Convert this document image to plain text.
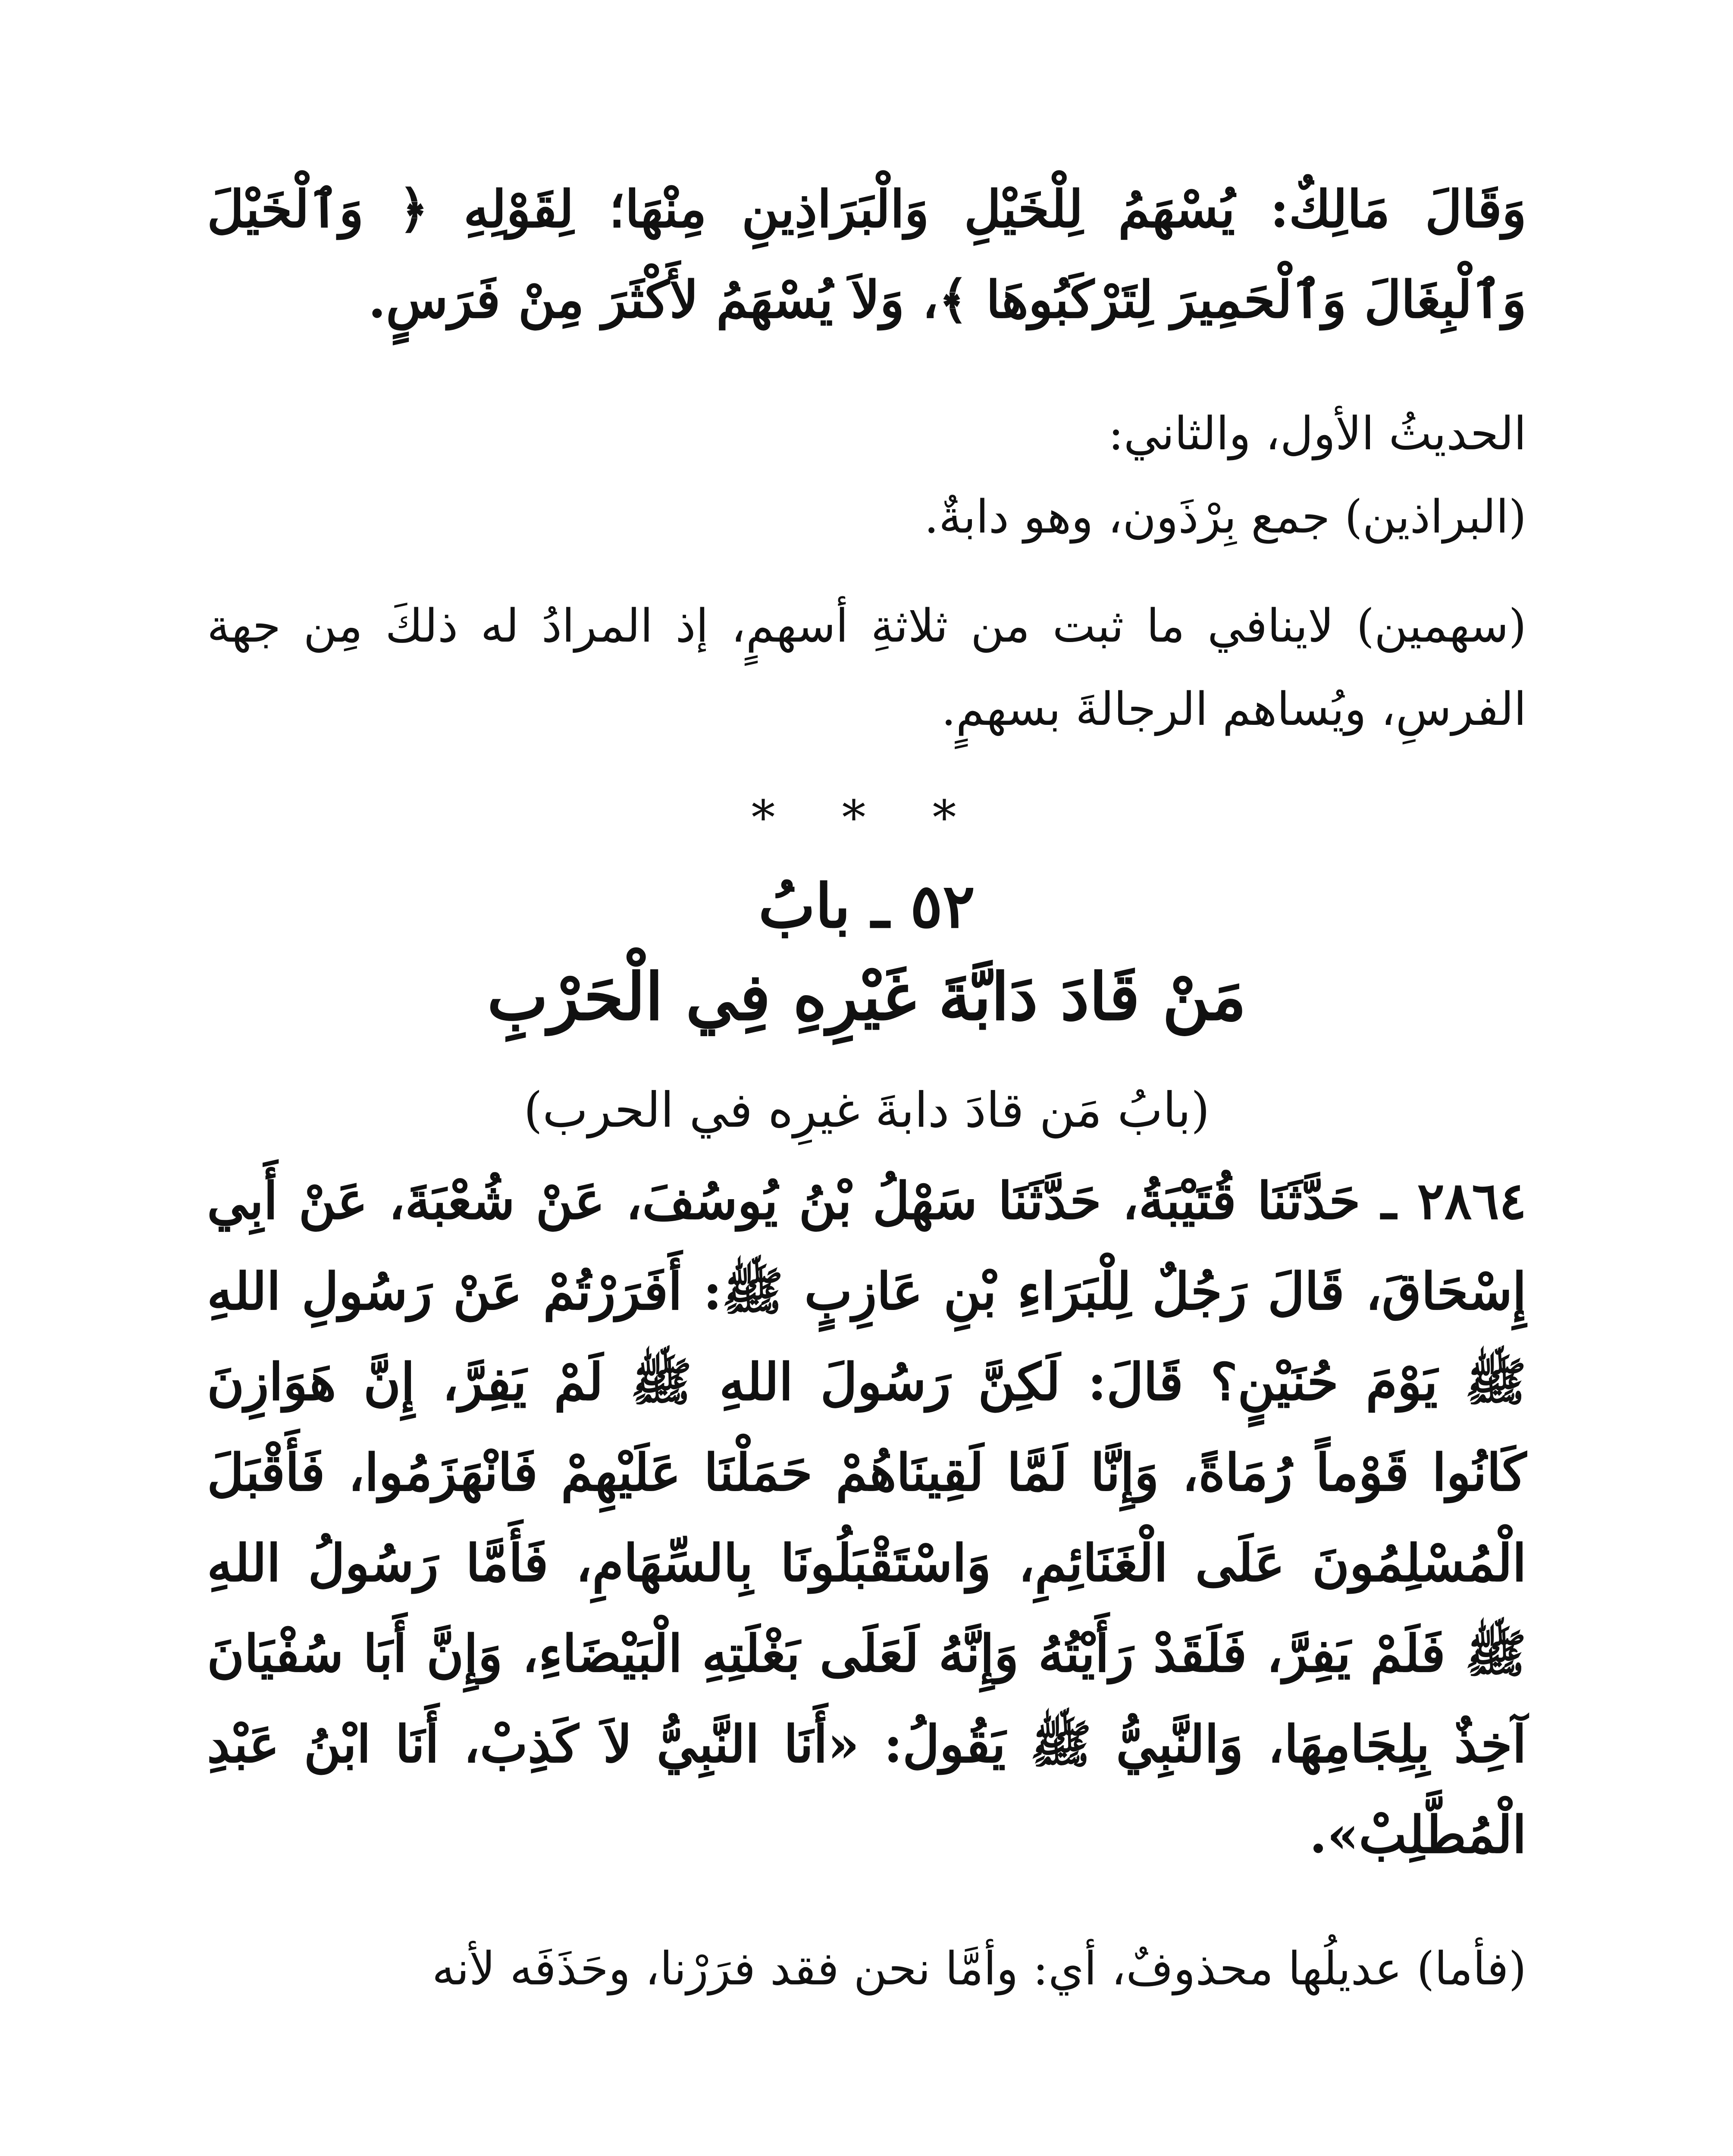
وَقَالَ مَالِكٌ: يُسْهَمُ لِلْخَيْلِ وَالْبَرَاذِينِ مِنْهَا؛ لِقَوْلِهِ ﴿ وَٱلْخَيْلَ وَٱلْبِغَالَ وَٱلْحَمِيرَ لِتَرْكَبُوهَا ﴾، وَلاَ يُسْهَمُ لأَكْثَرَ مِنْ فَرَسٍ.

الحديثُ الأول، والثاني:

(البراذين) جمع بِرْذَون، وهو دابةٌ.

(سهمين) لاينافي ما ثبت من ثلاثةِ أسهمٍ، إذ المرادُ له ذلكَ مِن جهة الفرسِ، ويُساهم الرجالةَ بسهمٍ.

* * *
٥٢ ـ بابُ
مَنْ قَادَ دَابَّةَ غَيْرِهِ فِي الْحَرْبِ
(بابُ مَن قادَ دابةَ غيرِه في الحرب)

٢٨٦٤ ـ حَدَّثَنَا قُتَيْبَةُ، حَدَّثَنَا سَهْلُ بْنُ يُوسُفَ، عَنْ شُعْبَةَ، عَنْ أَبِي إِسْحَاقَ، قَالَ رَجُلٌ لِلْبَرَاءِ بْنِ عَازِبٍ ﷺ: أَفَرَرْتُمْ عَنْ رَسُولِ اللهِ ﷺ يَوْمَ حُنَيْنٍ؟ قَالَ: لَكِنَّ رَسُولَ اللهِ ﷺ لَمْ يَفِرَّ، إِنَّ هَوَازِنَ كَانُوا قَوْماً رُمَاةً، وَإِنَّا لَمَّا لَقِينَاهُمْ حَمَلْنَا عَلَيْهِمْ فَانْهَزَمُوا، فَأَقْبَلَ الْمُسْلِمُونَ عَلَى الْغَنَائِمِ، وَاسْتَقْبَلُونَا بِالسِّهَامِ، فَأَمَّا رَسُولُ اللهِ ﷺ فَلَمْ يَفِرَّ، فَلَقَدْ رَأَيْتُهُ وَإِنَّهُ لَعَلَى بَغْلَتِهِ الْبَيْضَاءِ، وَإِنَّ أَبَا سُفْيَانَ آخِذٌ بِلِجَامِهَا، وَالنَّبِيُّ ﷺ يَقُولُ: «أَنَا النَّبِيُّ لاَ كَذِبْ، أَنَا ابْنُ عَبْدِ الْمُطَّلِبْ».

(فأما) عديلُها محذوفٌ، أي: وأمَّا نحن فقد فرَرْنا، وحَذَفَه لأنه
